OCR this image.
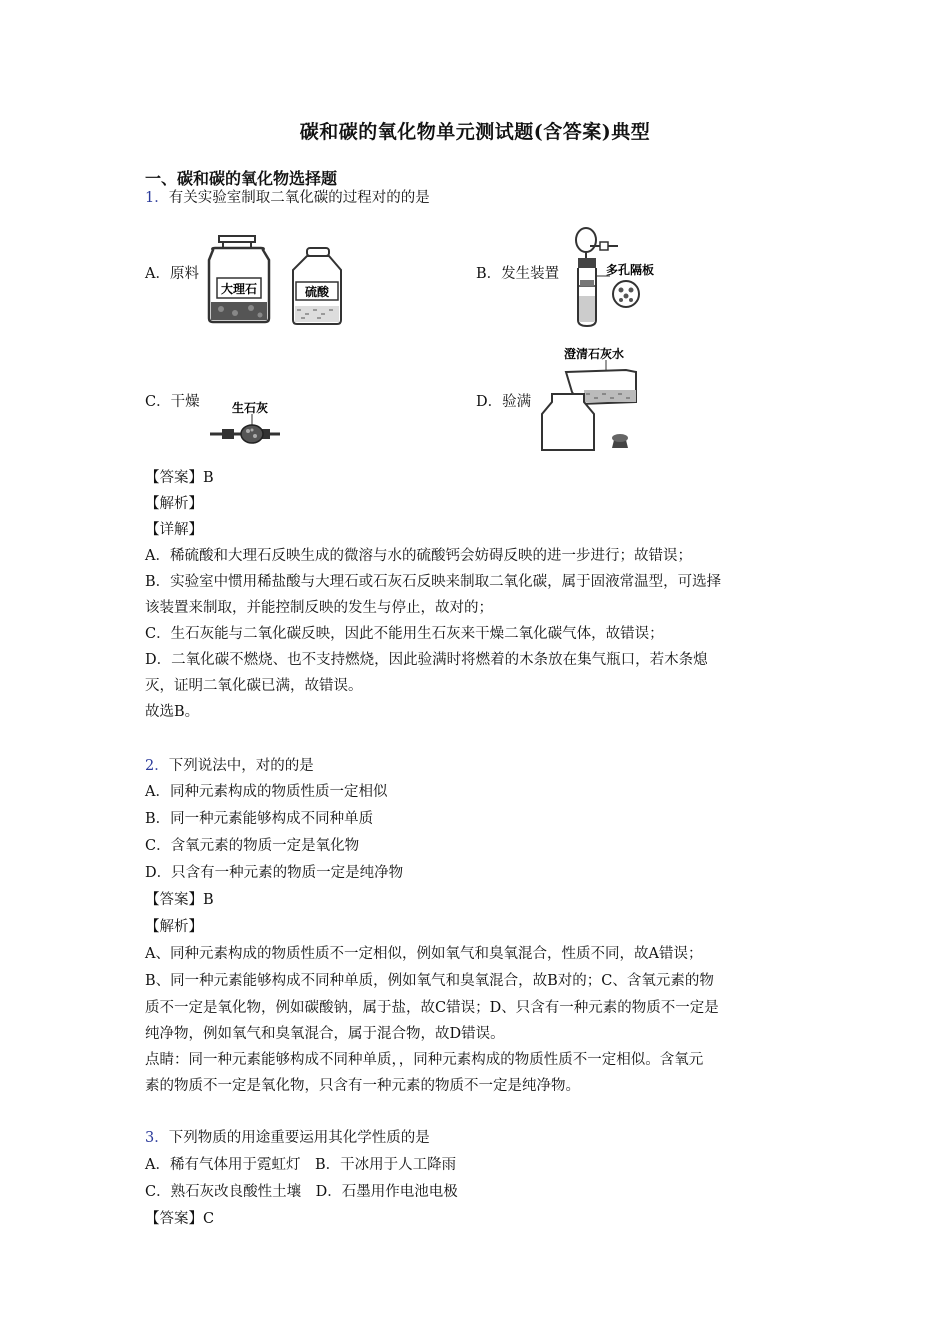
碳和碳的氧化物单元测试题(含答案)典型
一、碳和碳的氧化物选择题
1．有关实验室制取二氧化碳的过程对的的是
A．原料	B．发生装置
C．干燥	D．验满
大理石	硫酸
多孔隔板
生石灰
澄清石灰水
【答案】B
【解析】
【详解】
A．稀硫酸和大理石反映生成的微溶与水的硫酸钙会妨碍反映的进一步进行；故错误；
B．实验室中惯用稀盐酸与大理石或石灰石反映来制取二氧化碳，属于固液常温型，可选择
该装置来制取，并能控制反映的发生与停止，故对的；
C．生石灰能与二氧化碳反映，因此不能用生石灰来干燥二氧化碳气体，故错误；
D．二氧化碳不燃烧、也不支持燃烧，因此验满时将燃着的木条放在集气瓶口，若木条熄
灭，证明二氧化碳已满，故错误。
故选B。
2．下列说法中，对的的是
A．同种元素构成的物质性质一定相似
B．同一种元素能够构成不同种单质
C．含氧元素的物质一定是氧化物
D．只含有一种元素的物质一定是纯净物
【答案】B
【解析】
A、同种元素构成的物质性质不一定相似，例如氧气和臭氧混合，性质不同，故A错误；
B、同一种元素能够构成不同种单质，例如氧气和臭氧混合，故B对的；C、含氧元素的物
质不一定是氧化物，例如碳酸钠，属于盐，故C错误；D、只含有一种元素的物质不一定是
纯净物，例如氧气和臭氧混合，属于混合物，故D错误。
点睛：同一种元素能够构成不同种单质，，同种元素构成的物质性质不一定相似。含氧元
素的物质不一定是氧化物，只含有一种元素的物质不一定是纯净物。
3．下列物质的用途重要运用其化学性质的是
A．稀有气体用于霓虹灯　B．干冰用于人工降雨
C．熟石灰改良酸性土壤　D．石墨用作电池电极
【答案】C
